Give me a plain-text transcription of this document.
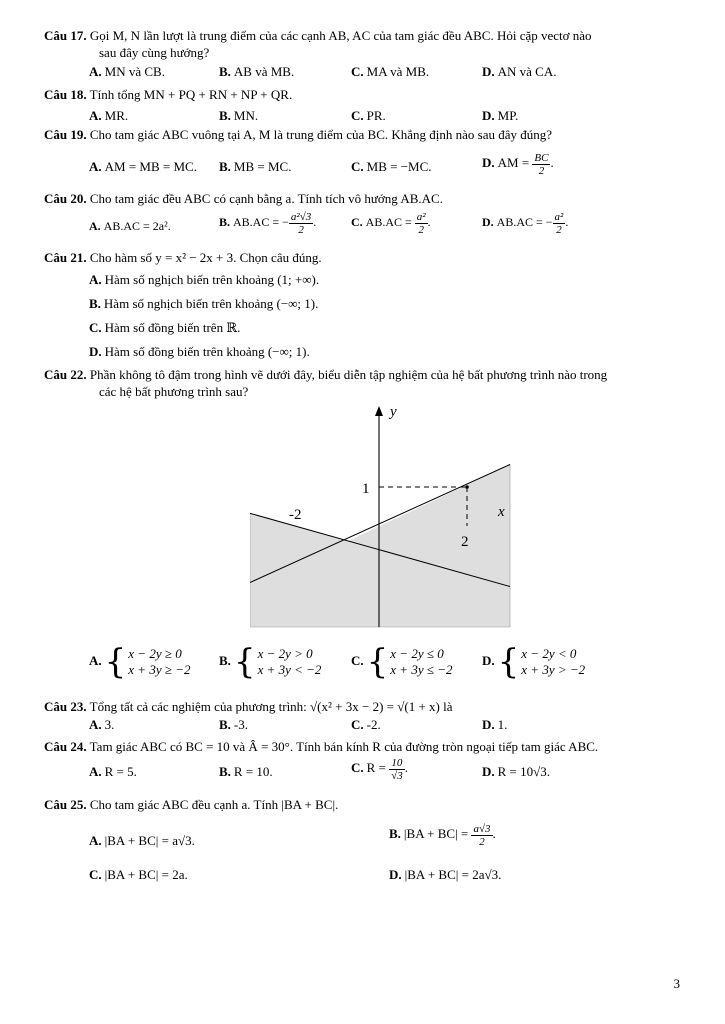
Câu 17. Gọi M, N lần lượt là trung điểm của các cạnh AB, AC của tam giác đều ABC. Hỏi cặp vectơ nào
sau đây cùng hướng?
A. MN và CB.	B. AB và MB.	C. MA và MB.	D. AN và CA.
Câu 18. Tính tổng MN + PQ + RN + NP + QR.
A. MR.	B. MN.	C. PR.	D. MP.
Câu 19. Cho tam giác ABC vuông tại A, M là trung điểm của BC. Khẳng định nào sau đây đúng?
A. AM = MB = MC. B. MB = MC.	C. MB = −MC.	D. AM = $\frac{BC}{2}$ .
Câu 20. Cho tam giác đều ABC có cạnh bằng a. Tính tích vô hướng AB.AC.
A. AB.AC = 2a².	B. AB.AC = − $\frac{\text{a²√3}}{2}$ .	C. $AB.AC = \frac{\text{a²}}{2}$ .	D. AB.AC = − $\frac{\text{a²}}{2}$ .
Câu 21. Cho hàm số y = x² − 2x + 3. Chọn câu đúng.
A. Hàm số nghịch biến trên khoảng (1; +∞).
B. Hàm số nghịch biến trên khoảng (−∞; 1).
C. Hàm số đồng biến trên ℝ.
D. Hàm số đồng biến trên khoảng (−∞; 1).
Câu 22. Phần không tô đậm trong hình vẽ dưới đây, biểu diễn tập nghiệm của hệ bất phương trình nào trong
các hệ bất phương trình sau?
y
x
1
-2
2
A. { x − 2y ≥ 0
x + 3y ≥ −2
B. { x − 2y > 0
x + 3y < −2
C. { x − 2y ≤ 0
x + 3y ≤ −2
D. { x − 2y < 0
x + 3y > −2
Câu 23. Tổng tất cả các nghiệm của phương trình: √(x² + 3x − 2) = √(1 + x) là
A. 3.	B. -3.	C. -2.	D. 1.
Câu 24. Tam giác ABC có BC = 10 và Â = 30°. Tính bán kính R của đường tròn ngoại tiếp tam giác ABC.
A. R = 5.	B. R = 10.	C. $R = \frac{10}{√3}$ .	D. R = 10√3.
Câu 25. Cho tam giác ABC đều cạnh a. Tính |BA + BC|.
A. |BA + BC| = a√3.	B. $|BA + BC| = \frac{a√3}{2}$ .
C. |BA + BC| = 2a.	D. |BA + BC| = 2a√3.
3
